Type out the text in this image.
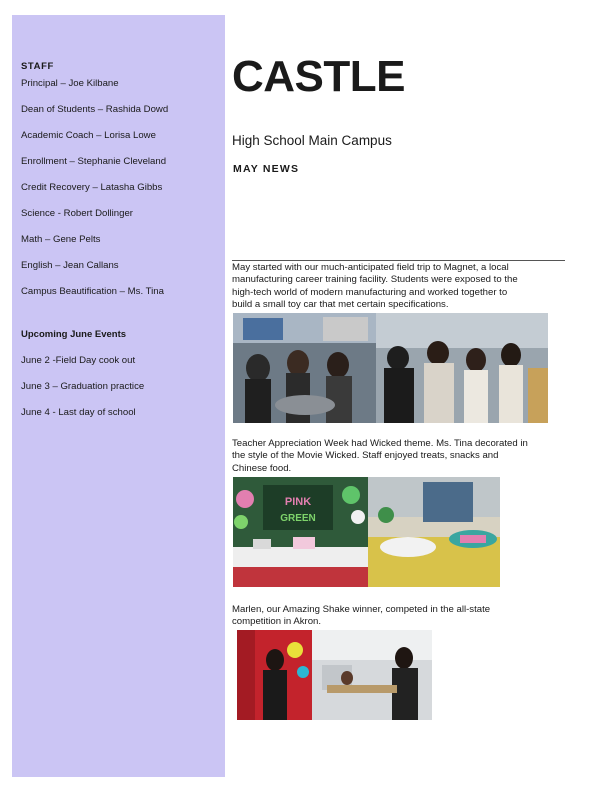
STAFF
Principal – Joe Kilbane
Dean of Students – Rashida Dowd
Academic Coach – Lorisa Lowe
Enrollment – Stephanie Cleveland
Credit Recovery – Latasha Gibbs
Science - Robert Dollinger
Math – Gene Pelts
English – Jean Callans
Campus Beautification – Ms. Tina
Upcoming June Events
June 2 -Field Day cook out
June 3 – Graduation practice
June 4 - Last day of school
CASTLE
High School Main Campus
MAY NEWS
May started with our much-anticipated field trip to Magnet, a local
manufacturing career training facility. Students were exposed to the
high-tech world of modern manufacturing and worked together to
build a small toy car that met certain specifications.
Teacher Appreciation Week had Wicked theme. Ms. Tina decorated in
the style of the Movie Wicked. Staff enjoyed treats, snacks and
Chinese food.
PINK
GREEN
Marlen, our Amazing Shake winner, competed in the all-state
competition in Akron.
